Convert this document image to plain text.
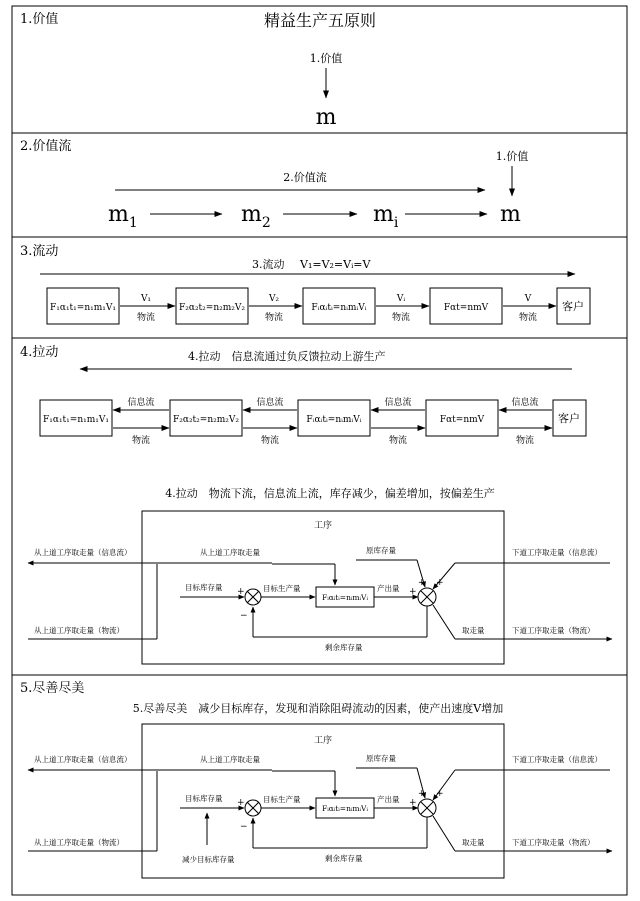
1.价值	精益生产五原则
1.价值
m
2.价值流
2.价值流
1.价值
$m_1$	$m_2$	$m_i$	m
3.流动
3.流动 V₁=V₂=Vᵢ=V
F₁α₁t₁=n₁m₁V₁	F₂α₂t₂=n₂m₂V₂	Fᵢαᵢtᵢ=nᵢmᵢVᵢ	Fαt=nmV	客户
V₁
物流
V₂
物流
Vᵢ
物流
V
物流
4.拉动	4.拉动　信息流通过负反馈拉动上游生产
F₁α₁t₁=n₁m₁V₁	F₂α₂t₂=n₂m₂V₂	Fᵢαᵢtᵢ=nᵢmᵢVᵢ	Fαt=nmV	客户
信息流
物流
信息流
物流
信息流
物流
信息流
物流
4.拉动　物流下流，信息流上流，库存减少，偏差增加，按偏差生产
工序
从上道工序取走量（信息流）	从上道工序取走量
从上道工序取走量（物流）
目标库存量 +
−
目标生产量
Fᵢαᵢtᵢ=nᵢmᵢVᵢ
产出量 +
+ +
原库存量	下道工序取走量（信息流）
取走量	下道工序取走量（物流）
剩余库存量
5.尽善尽美
5.尽善尽美　减少目标库存，发现和消除阻碍流动的因素，使产出速度V增加
工序
从上道工序取走量（信息流）	从上道工序取走量
从上道工序取走量（物流）
目标库存量 +
减少目标库存量
−
目标生产量
Fᵢαᵢtᵢ=nᵢmᵢVᵢ
产出量 +
+ +
原库存量	下道工序取走量（信息流）
取走量	下道工序取走量（物流）
剩余库存量
